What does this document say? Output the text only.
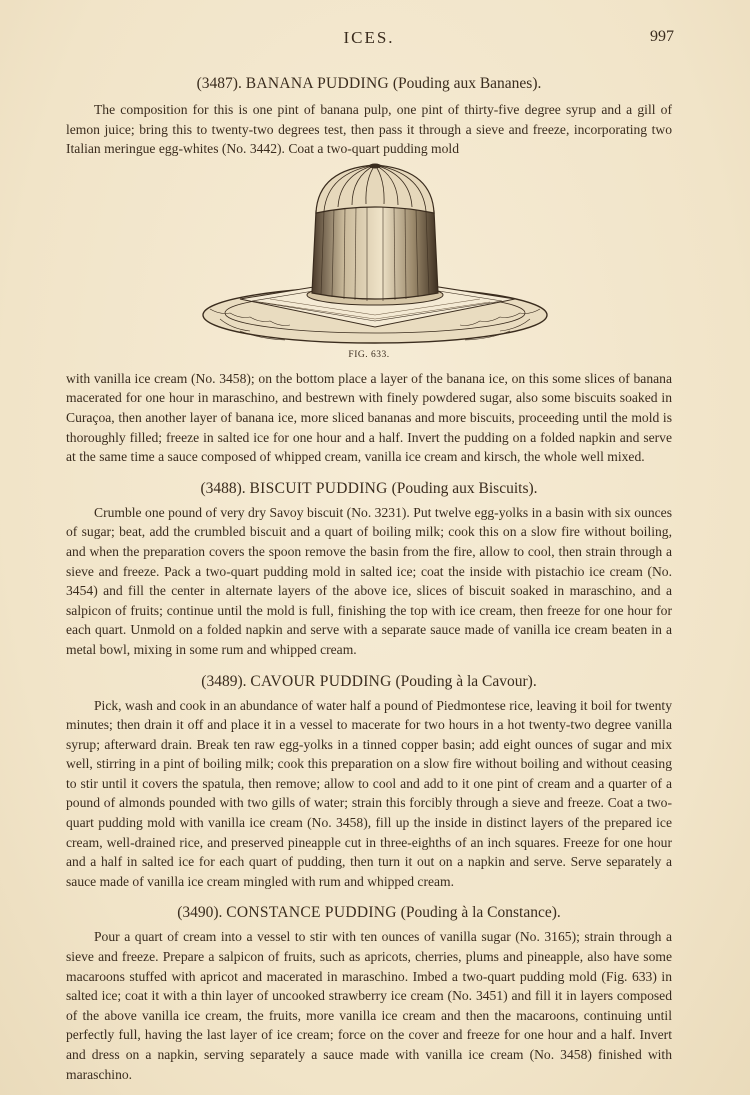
ICES.	997
(3487). BANANA PUDDING (Pouding aux Bananes).

The composition for this is one pint of banana pulp, one pint of thirty-five degree syrup and a gill of lemon juice; bring this to twenty-two degrees test, then pass it through a sieve and freeze, incorporating two Italian meringue egg-whites (No. 3442). Coat a two-quart pudding mold

FIG. 633.

with vanilla ice cream (No. 3458); on the bottom place a layer of the banana ice, on this some slices of banana macerated for one hour in maraschino, and bestrewn with finely powdered sugar, also some biscuits soaked in Curaçoa, then another layer of banana ice, more sliced bananas and more biscuits, proceeding until the mold is thoroughly filled; freeze in salted ice for one hour and a half. Invert the pudding on a folded napkin and serve at the same time a sauce composed of whipped cream, vanilla ice cream and kirsch, the whole well mixed.

(3488). BISCUIT PUDDING (Pouding aux Biscuits).

Crumble one pound of very dry Savoy biscuit (No. 3231). Put twelve egg-yolks in a basin with six ounces of sugar; beat, add the crumbled biscuit and a quart of boiling milk; cook this on a slow fire without boiling, and when the preparation covers the spoon remove the basin from the fire, allow to cool, then strain through a sieve and freeze. Pack a two-quart pudding mold in salted ice; coat the inside with pistachio ice cream (No. 3454) and fill the center in alternate layers of the above ice, slices of biscuit soaked in maraschino, and a salpicon of fruits; continue until the mold is full, finishing the top with ice cream, then freeze for one hour for each quart. Unmold on a folded napkin and serve with a separate sauce made of vanilla ice cream beaten in a metal bowl, mixing in some rum and whipped cream.

(3489). CAVOUR PUDDING (Pouding à la Cavour).

Pick, wash and cook in an abundance of water half a pound of Piedmontese rice, leaving it boil for twenty minutes; then drain it off and place it in a vessel to macerate for two hours in a hot twenty-two degree vanilla syrup; afterward drain. Break ten raw egg-yolks in a tinned copper basin; add eight ounces of sugar and mix well, stirring in a pint of boiling milk; cook this preparation on a slow fire without boiling and without ceasing to stir until it covers the spatula, then remove; allow to cool and add to it one pint of cream and a quarter of a pound of almonds pounded with two gills of water; strain this forcibly through a sieve and freeze. Coat a two-quart pudding mold with vanilla ice cream (No. 3458), fill up the inside in distinct layers of the prepared ice cream, well-drained rice, and preserved pineapple cut in three-eighths of an inch squares. Freeze for one hour and a half in salted ice for each quart of pudding, then turn it out on a napkin and serve. Serve separately a sauce made of vanilla ice cream mingled with rum and whipped cream.

(3490). CONSTANCE PUDDING (Pouding à la Constance).

Pour a quart of cream into a vessel to stir with ten ounces of vanilla sugar (No. 3165); strain through a sieve and freeze. Prepare a salpicon of fruits, such as apricots, cherries, plums and pineapple, also have some macaroons stuffed with apricot and macerated in maraschino. Imbed a two-quart pudding mold (Fig. 633) in salted ice; coat it with a thin layer of uncooked strawberry ice cream (No. 3451) and fill it in layers composed of the above vanilla ice cream, the fruits, more vanilla ice cream and then the macaroons, continuing until perfectly full, having the last layer of ice cream; force on the cover and freeze for one hour and a half. Invert and dress on a napkin, serving separately a sauce made with vanilla ice cream (No. 3458) finished with maraschino.
